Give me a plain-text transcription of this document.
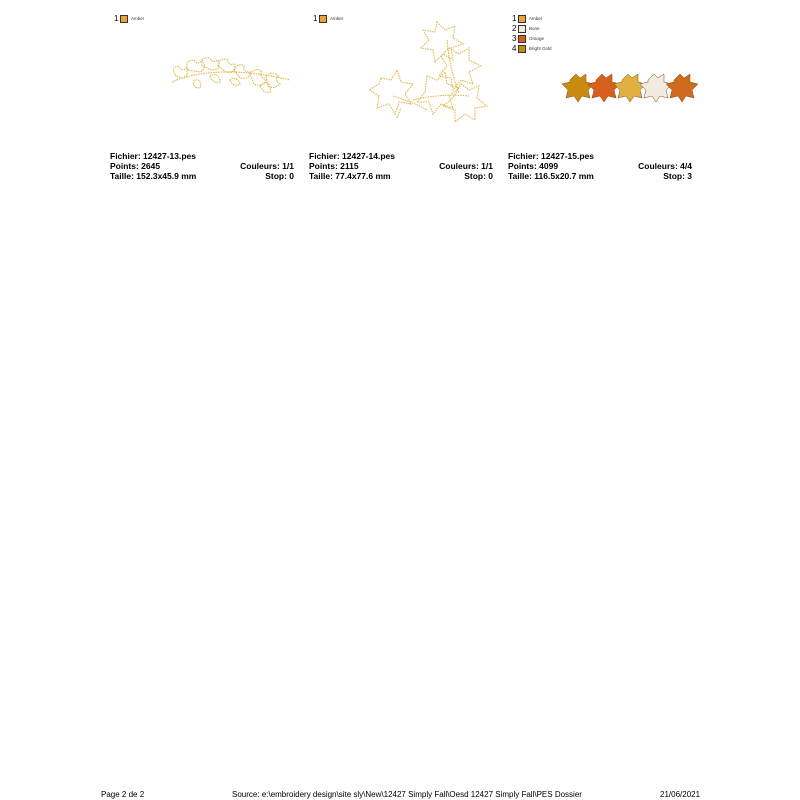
1	Amber
Fichier: 12427-13.pes
Points: 2645	Couleurs: 1/1
Taille: 152.3x45.9 mm	Stop: 0
1	Amber
Fichier: 12427-14.pes
Points: 2115	Couleurs: 1/1
Taille: 77.4x77.6 mm	Stop: 0
1	Amber
2	Bone
3	Orange
4	Bright Gold
Fichier: 12427-15.pes
Points: 4099	Couleurs: 4/4
Taille: 116.5x20.7 mm	Stop: 3
Page 2 de 2	Source: e:\embroidery design\site sly\New\12427 Simply Fall\Oesd 12427 Simply Fall\PES Dossier	21/06/2021
